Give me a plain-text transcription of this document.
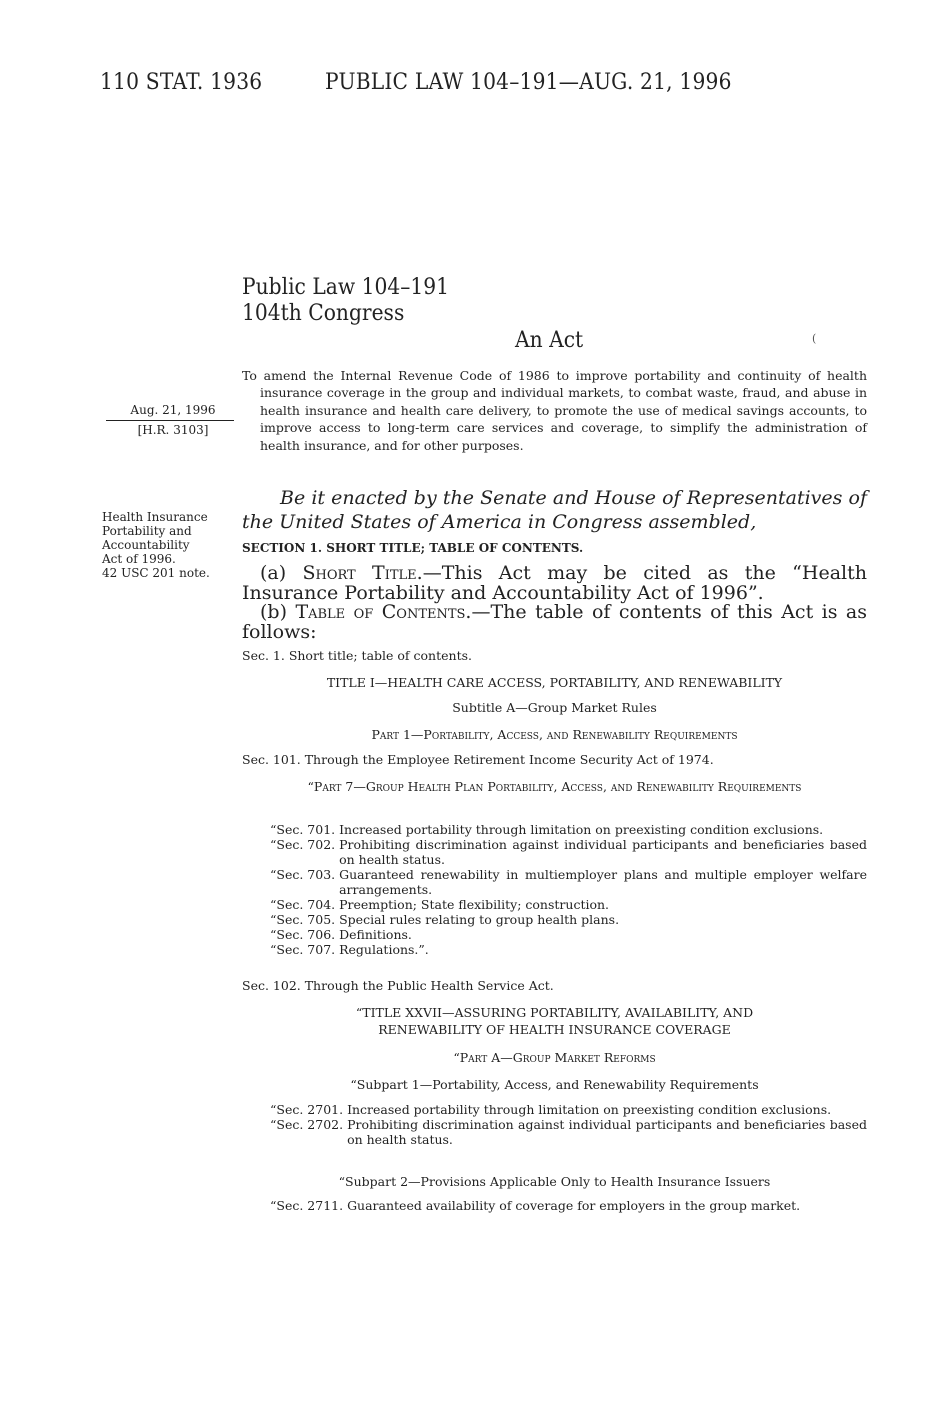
110 STAT. 1936	PUBLIC LAW 104–191—AUG. 21, 1996
Public Law 104–191
104th Congress
An Act	(
Aug. 21, 1996
[H.R. 3103]
Health Insurance
Portability and
Accountability
Act of 1996.
42 USC 201 note.
To amend the Internal Revenue Code of 1986 to improve portability and continuity of health insurance coverage in the group and individual markets, to combat waste, fraud, and abuse in health insurance and health care delivery, to promote the use of medical savings accounts, to improve access to long-term care services and coverage, to simplify the administration of health insurance, and for other purposes.
Be it enacted by the Senate and House of Representatives of the United States of America in Congress assembled,
SECTION 1. SHORT TITLE; TABLE OF CONTENTS.
(a) Short Title.—This Act may be cited as the “Health Insurance Portability and Accountability Act of 1996”.
(b) Table of Contents.—The table of contents of this Act is as follows:
Sec. 1. Short title; table of contents.
TITLE I—HEALTH CARE ACCESS, PORTABILITY, AND RENEWABILITY
Subtitle A—Group Market Rules
Part 1—Portability, Access, and Renewability Requirements
Sec. 101. Through the Employee Retirement Income Security Act of 1974.
“Part 7—Group Health Plan Portability, Access, and Renewability Requirements
“Sec. 701. Increased portability through limitation on preexisting condition exclusions.
“Sec. 702. Prohibiting discrimination against individual participants and beneficiaries based on health status.
“Sec. 703. Guaranteed renewability in multiemployer plans and multiple employer welfare arrangements.
“Sec. 704. Preemption; State flexibility; construction.
“Sec. 705. Special rules relating to group health plans.
“Sec. 706. Definitions.
“Sec. 707. Regulations.”.
Sec. 102. Through the Public Health Service Act.
“TITLE XXVII—ASSURING PORTABILITY, AVAILABILITY, AND RENEWABILITY OF HEALTH INSURANCE COVERAGE
“Part A—Group Market Reforms
“Subpart 1—Portability, Access, and Renewability Requirements
“Sec. 2701. Increased portability through limitation on preexisting condition exclusions.
“Sec. 2702. Prohibiting discrimination against individual participants and beneficiaries based on health status.
“Subpart 2—Provisions Applicable Only to Health Insurance Issuers
“Sec. 2711. Guaranteed availability of coverage for employers in the group market.
